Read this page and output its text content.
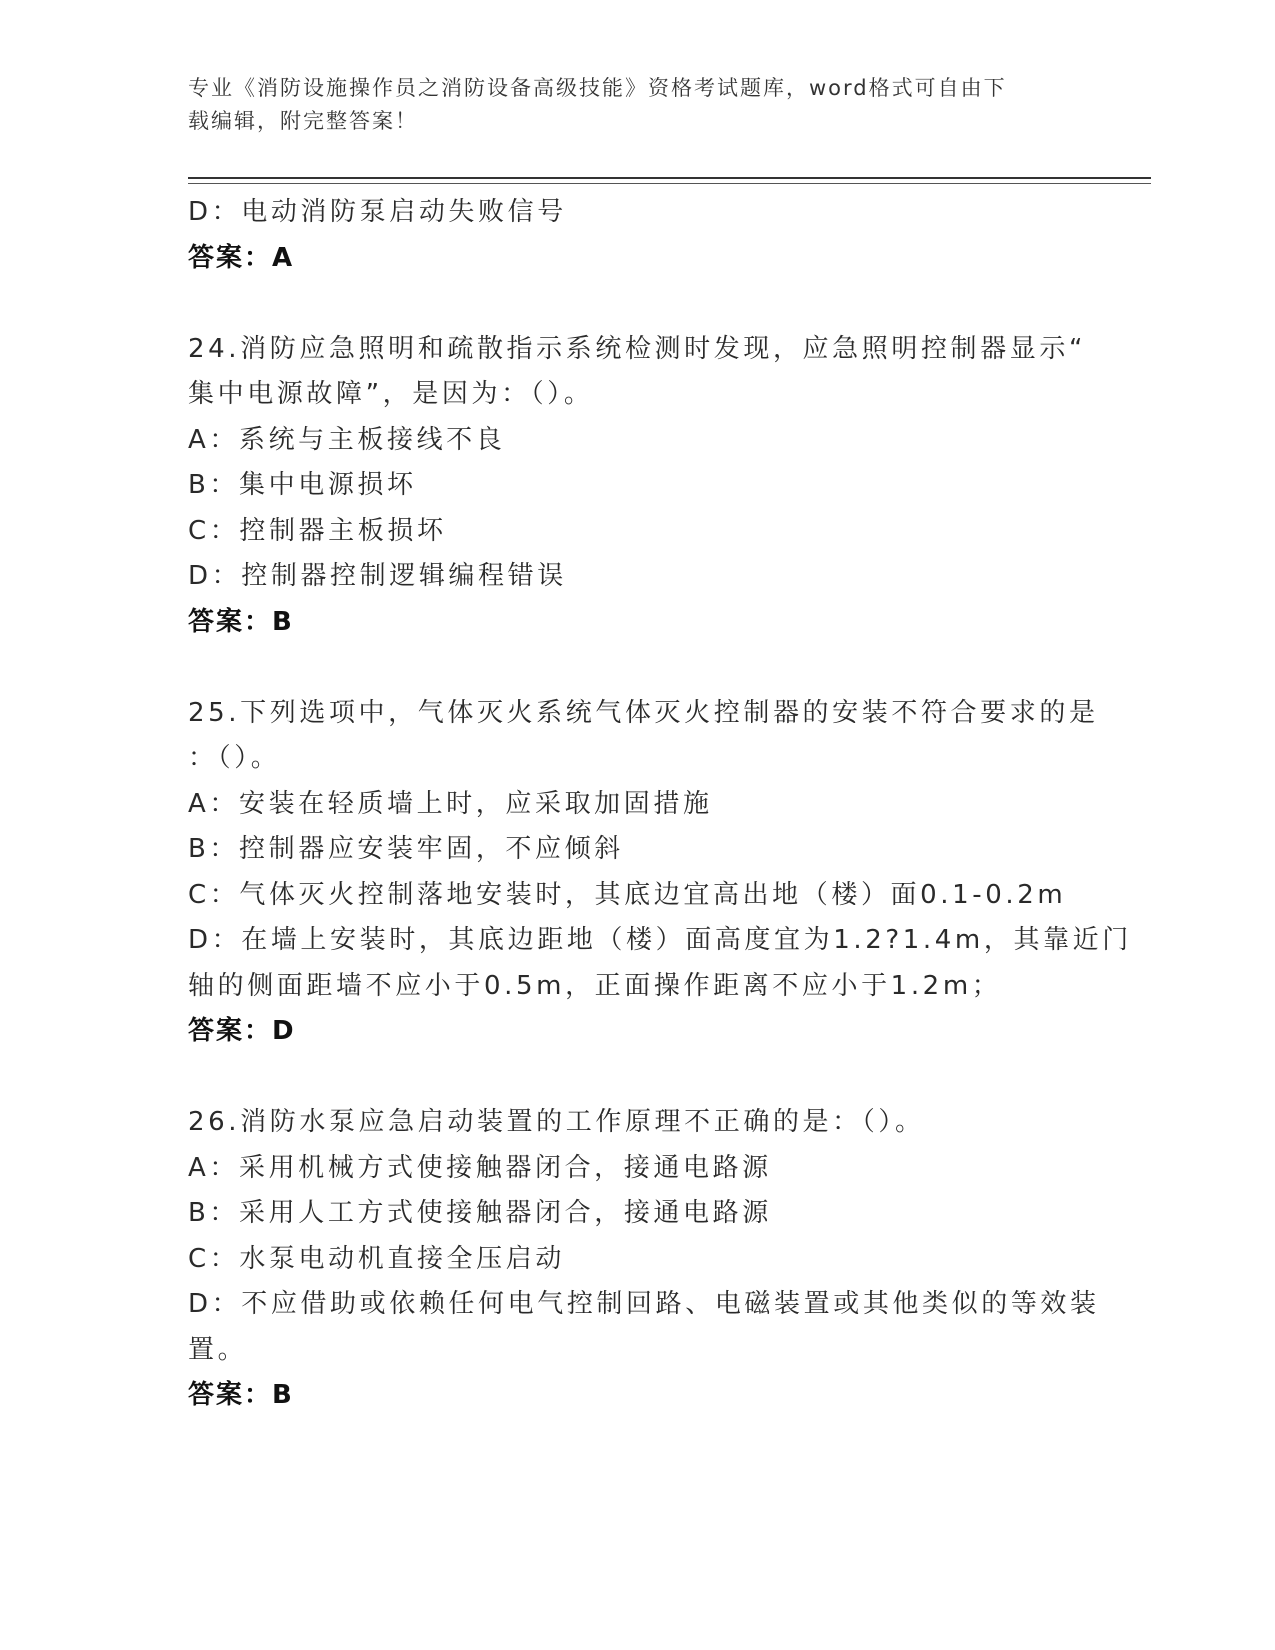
专业《消防设施操作员之消防设备高级技能》资格考试题库，word格式可自由下
载编辑，附完整答案！
D：电动消防泵启动失败信号
答案：A
24.消防应急照明和疏散指示系统检测时发现，应急照明控制器显示“
集中电源故障”，是因为：（）。
A：系统与主板接线不良
B：集中电源损坏
C：控制器主板损坏
D：控制器控制逻辑编程错误
答案：B
25.下列选项中，气体灭火系统气体灭火控制器的安装不符合要求的是
：（）。
A：安装在轻质墙上时，应采取加固措施
B：控制器应安装牢固，不应倾斜
C：气体灭火控制落地安装时，其底边宜高出地（楼）面0.1-0.2m
D：在墙上安装时，其底边距地（楼）面高度宜为1.2?1.4m，其靠近门
轴的侧面距墙不应小于0.5m，正面操作距离不应小于1.2m；
答案：D
26.消防水泵应急启动装置的工作原理不正确的是：（）。
A：采用机械方式使接触器闭合，接通电路源
B：采用人工方式使接触器闭合，接通电路源
C：水泵电动机直接全压启动
D：不应借助或依赖任何电气控制回路、电磁装置或其他类似的等效装
置。
答案：B
